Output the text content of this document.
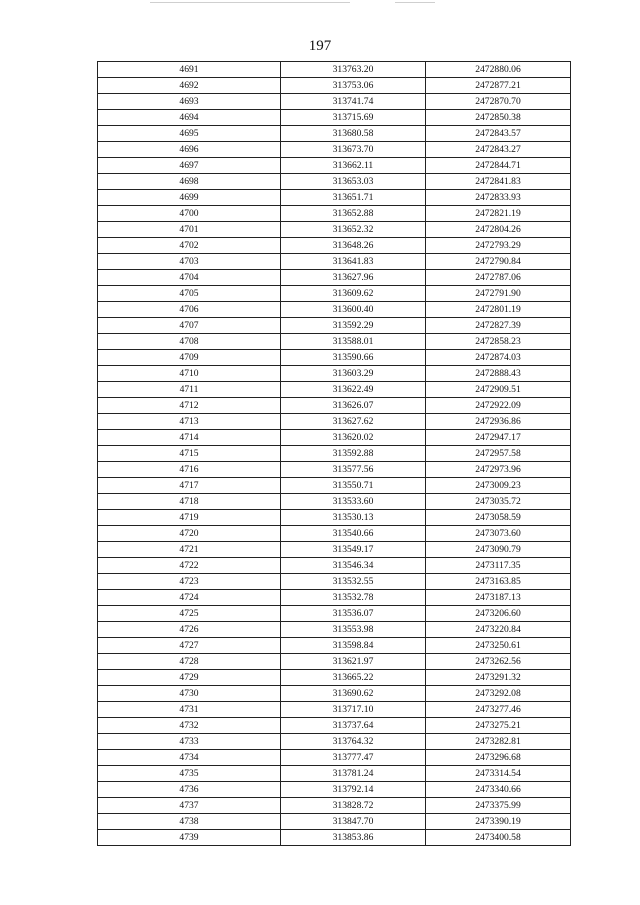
197
4691	313763.20	2472880.06
4692	313753.06	2472877.21
4693	313741.74	2472870.70
4694	313715.69	2472850.38
4695	313680.58	2472843.57
4696	313673.70	2472843.27
4697	313662.11	2472844.71
4698	313653.03	2472841.83
4699	313651.71	2472833.93
4700	313652.88	2472821.19
4701	313652.32	2472804.26
4702	313648.26	2472793.29
4703	313641.83	2472790.84
4704	313627.96	2472787.06
4705	313609.62	2472791.90
4706	313600.40	2472801.19
4707	313592.29	2472827.39
4708	313588.01	2472858.23
4709	313590.66	2472874.03
4710	313603.29	2472888.43
4711	313622.49	2472909.51
4712	313626.07	2472922.09
4713	313627.62	2472936.86
4714	313620.02	2472947.17
4715	313592.88	2472957.58
4716	313577.56	2472973.96
4717	313550.71	2473009.23
4718	313533.60	2473035.72
4719	313530.13	2473058.59
4720	313540.66	2473073.60
4721	313549.17	2473090.79
4722	313546.34	2473117.35
4723	313532.55	2473163.85
4724	313532.78	2473187.13
4725	313536.07	2473206.60
4726	313553.98	2473220.84
4727	313598.84	2473250.61
4728	313621.97	2473262.56
4729	313665.22	2473291.32
4730	313690.62	2473292.08
4731	313717.10	2473277.46
4732	313737.64	2473275.21
4733	313764.32	2473282.81
4734	313777.47	2473296.68
4735	313781.24	2473314.54
4736	313792.14	2473340.66
4737	313828.72	2473375.99
4738	313847.70	2473390.19
4739	313853.86	2473400.58
